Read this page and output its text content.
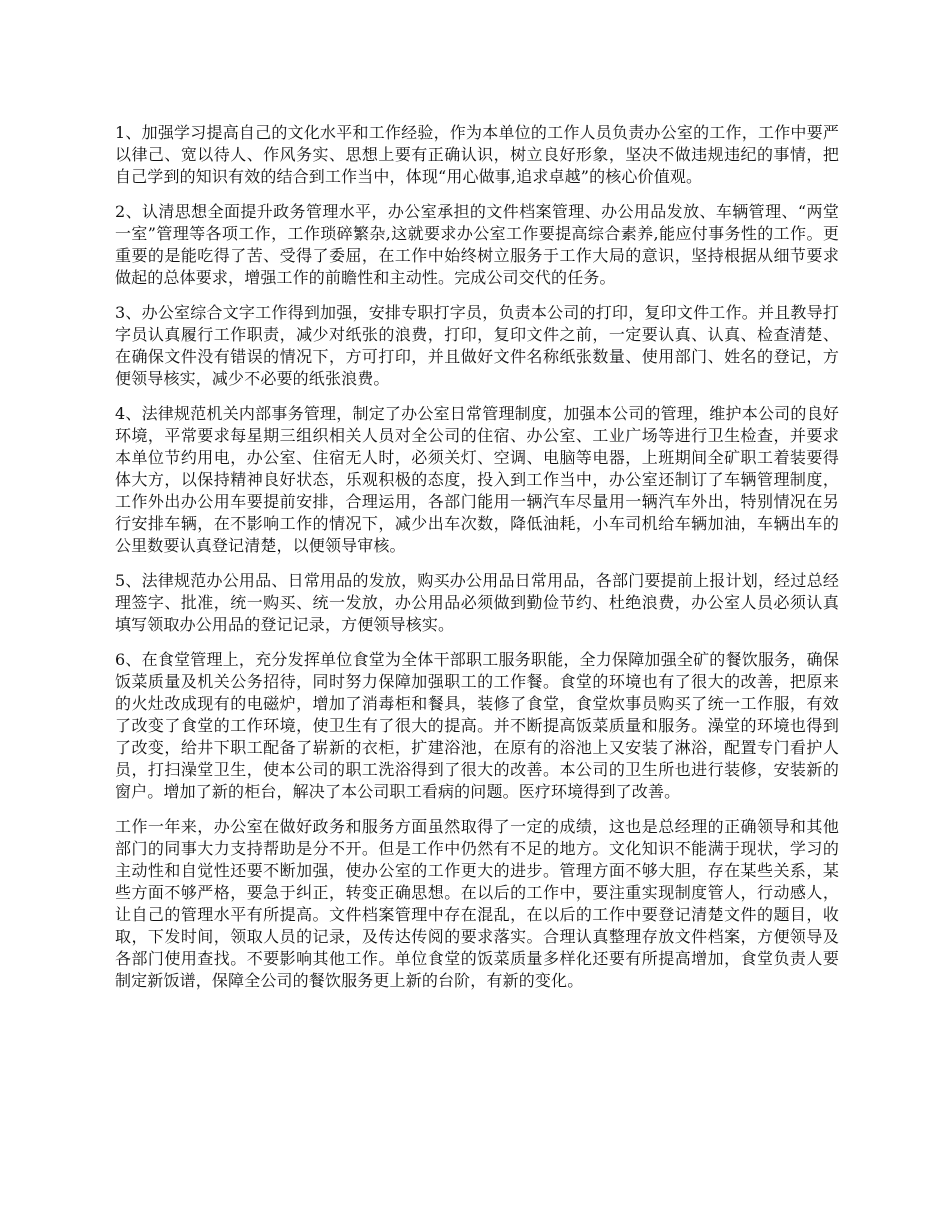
1、加强学习提高自己的文化水平和工作经验，作为本单位的工作人员负责办公室的工作，工作中要严以律己、宽以待人、作风务实、思想上要有正确认识，树立良好形象，坚决不做违规违纪的事情，把自己学到的知识有效的结合到工作当中，体现“用心做事,追求卓越”的核心价值观。

2、认清思想全面提升政务管理水平，办公室承担的文件档案管理、办公用品发放、车辆管理、“两堂一室”管理等各项工作，工作琐碎繁杂,这就要求办公室工作要提高综合素养,能应付事务性的工作。更重要的是能吃得了苦、受得了委屈，在工作中始终树立服务于工作大局的意识，坚持根据从细节要求做起的总体要求，增强工作的前瞻性和主动性。完成公司交代的任务。

3、办公室综合文字工作得到加强，安排专职打字员，负责本公司的打印，复印文件工作。并且教导打字员认真履行工作职责，减少对纸张的浪费，打印，复印文件之前，一定要认真、认真、检查清楚、在确保文件没有错误的情况下，方可打印，并且做好文件名称纸张数量、使用部门、姓名的登记，方便领导核实，减少不必要的纸张浪费。

4、法律规范机关内部事务管理，制定了办公室日常管理制度，加强本公司的管理，维护本公司的良好环境，平常要求每星期三组织相关人员对全公司的住宿、办公室、工业广场等进行卫生检查，并要求本单位节约用电，办公室、住宿无人时，必须关灯、空调、电脑等电器，上班期间全矿职工着装要得体大方，以保持精神良好状态，乐观积极的态度，投入到工作当中，办公室还制订了车辆管理制度，工作外出办公用车要提前安排，合理运用，各部门能用一辆汽车尽量用一辆汽车外出，特别情况在另行安排车辆，在不影响工作的情况下，减少出车次数，降低油耗，小车司机给车辆加油，车辆出车的公里数要认真登记清楚，以便领导审核。

5、法律规范办公用品、日常用品的发放，购买办公用品日常用品，各部门要提前上报计划，经过总经理签字、批准，统一购买、统一发放，办公用品必须做到勤俭节约、杜绝浪费，办公室人员必须认真填写领取办公用品的登记记录，方便领导核实。

6、在食堂管理上，充分发挥单位食堂为全体干部职工服务职能，全力保障加强全矿的餐饮服务，确保饭菜质量及机关公务招待，同时努力保障加强职工的工作餐。食堂的环境也有了很大的改善，把原来的火灶改成现有的电磁炉，增加了消毒柜和餐具，装修了食堂，食堂炊事员购买了统一工作服，有效了改变了食堂的工作环境，使卫生有了很大的提高。并不断提高饭菜质量和服务。澡堂的环境也得到了改变，给井下职工配备了崭新的衣柜，扩建浴池，在原有的浴池上又安装了淋浴，配置专门看护人员，打扫澡堂卫生，使本公司的职工洗浴得到了很大的改善。本公司的卫生所也进行装修，安装新的窗户。增加了新的柜台，解决了本公司职工看病的问题。医疗环境得到了改善。

工作一年来，办公室在做好政务和服务方面虽然取得了一定的成绩，这也是总经理的正确领导和其他部门的同事大力支持帮助是分不开。但是工作中仍然有不足的地方。文化知识不能满于现状，学习的主动性和自觉性还要不断加强，使办公室的工作更大的进步。管理方面不够大胆，存在某些关系，某些方面不够严格，要急于纠正，转变正确思想。在以后的工作中，要注重实现制度管人，行动感人，让自己的管理水平有所提高。文件档案管理中存在混乱，在以后的工作中要登记清楚文件的题目，收取，下发时间，领取人员的记录，及传达传阅的要求落实。合理认真整理存放文件档案，方便领导及各部门使用查找。不要影响其他工作。单位食堂的饭菜质量多样化还要有所提高增加，食堂负责人要制定新饭谱，保障全公司的餐饮服务更上新的台阶，有新的变化。
